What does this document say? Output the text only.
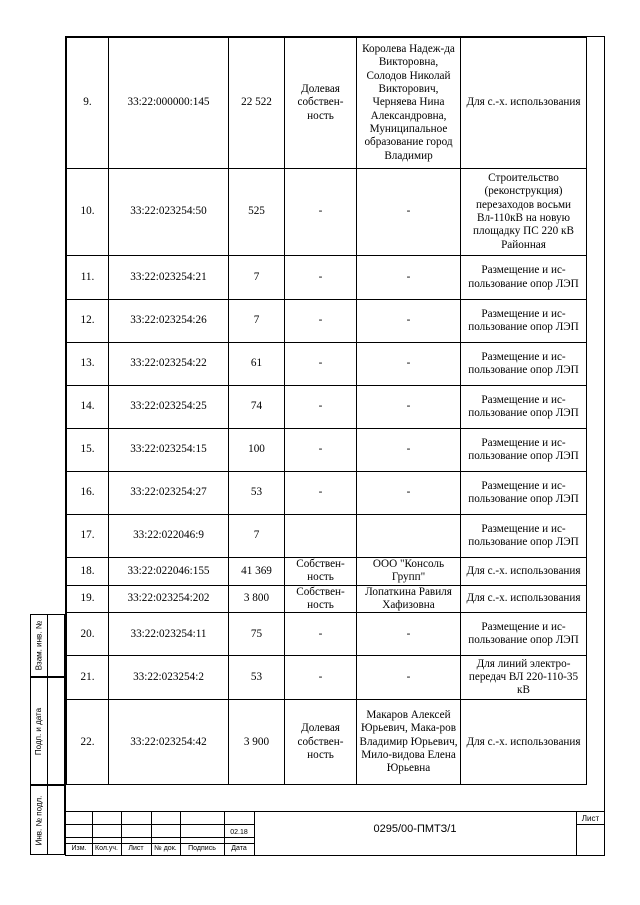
9.	33:22:000000:145	22 522	Долевая собствен-ность	Королева Надеж-да Викторовна, Солодов Николай Викторович, Черняева Нина Александровна, Муниципальное образование город Владимир	Для с.-х. использования
10.	33:22:023254:50	525	-	-	Строительство (реконструкция) перезаходов восьми Вл-110кВ на новую площадку ПС 220 кВ Районная
11.	33:22:023254:21	7	-	-	Размещение и ис-пользование опор ЛЭП
12.	33:22:023254:26	7	-	-	Размещение и ис-пользование опор ЛЭП
13.	33:22:023254:22	61	-	-	Размещение и ис-пользование опор ЛЭП
14.	33:22:023254:25	74	-	-	Размещение и ис-пользование опор ЛЭП
15.	33:22:023254:15	100	-	-	Размещение и ис-пользование опор ЛЭП
16.	33:22:023254:27	53	-	-	Размещение и ис-пользование опор ЛЭП
17.	33:22:022046:9	7			Размещение и ис-пользование опор ЛЭП
18.	33:22:022046:155	41 369	Собствен-ность	ООО "Консоль Групп"	Для с.-х. использования
19.	33:22:023254:202	3 800	Собствен-ность	Лопаткина Равиля Хафизовна	Для с.-х. использования
20.	33:22:023254:11	75	-	-	Размещение и ис-пользование опор ЛЭП
21.	33:22:023254:2	53	-	-	Для линий электро-передач ВЛ 220-110-35 кВ
22.	33:22:023254:42	3 900	Долевая собствен-ность	Макаров Алексей Юрьевич, Мака-ров Владимир Юрьевич, Мило-видова Елена Юрьевна	Для с.-х. использования
Взам. инв. №
Подп. и дата
Инв. № подл.	02.18
Изм.	Кол.уч.	Лист	№ док.	Подпись	Дата
Лист
0295/00-ПМТЗ/1
